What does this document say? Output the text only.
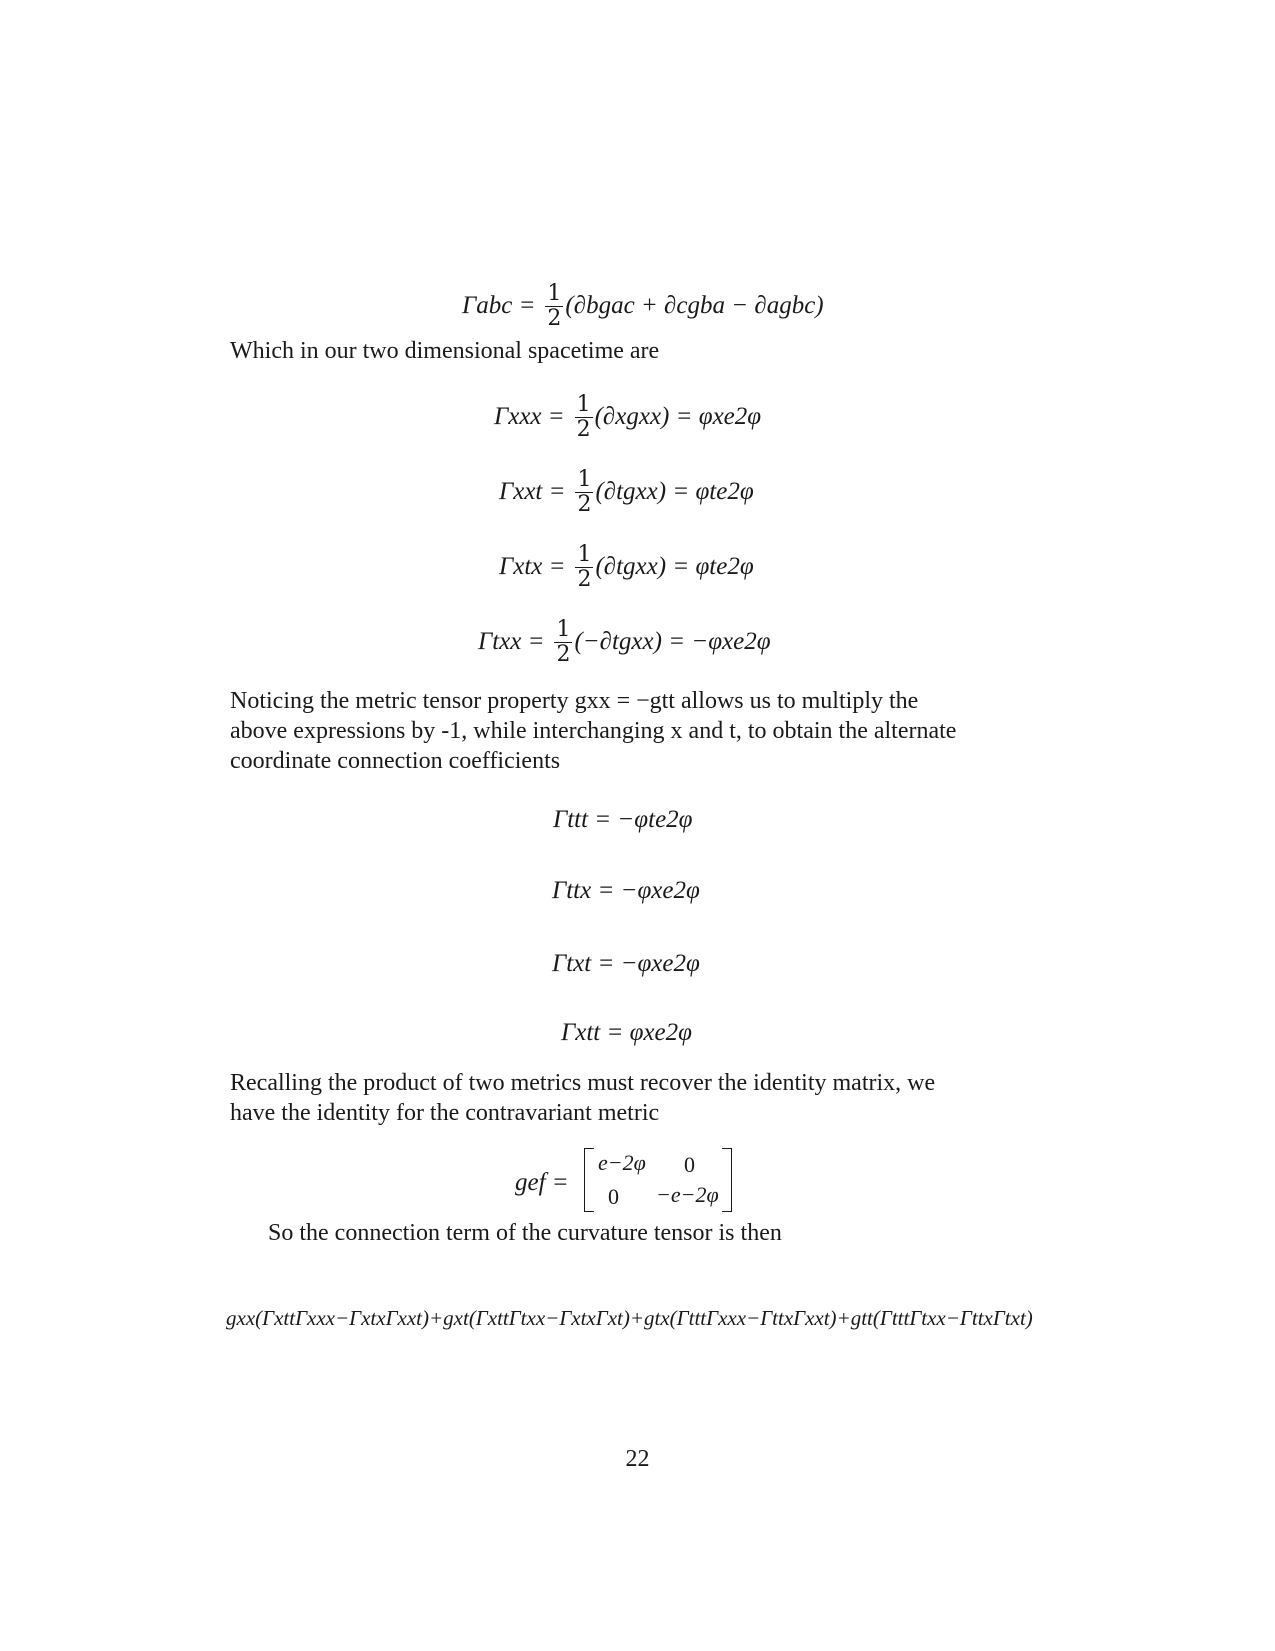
$\Gamma abc = \frac{1}{2}$ (∂bgac + ∂cgba − ∂agbc)
Which in our two dimensional spacetime are
$\Gamma xxx = \frac{1}{2}$ (∂xgxx) = φxe2φ
$\Gamma xxt = \frac{1}{2}$ (∂tgxx) = φte2φ
$\Gamma xtx = \frac{1}{2}$ (∂tgxx) = φte2φ
$\Gamma txx = \frac{1}{2}$ (−∂tgxx) = −φxe2φ
Noticing the metric tensor property gxx = −gtt allows us to multiply the
above expressions by -1, while interchanging x and t, to obtain the alternate
coordinate connection coefficients
Γttt = −φte2φ
Γttx = −φxe2φ
Γtxt = −φxe2φ
Γxtt = φxe2φ
Recalling the product of two metrics must recover the identity matrix, we
have the identity for the contravariant metric
gef =
e−2φ 0
0 −e−2φ
So the connection term of the curvature tensor is then
gxx(ΓxttΓxxx−ΓxtxΓxxt)+gxt(ΓxttΓtxx−ΓxtxΓxt)+gtx(ΓtttΓxxx−ΓttxΓxxt)+gtt(ΓtttΓtxx−ΓttxΓtxt)
22
